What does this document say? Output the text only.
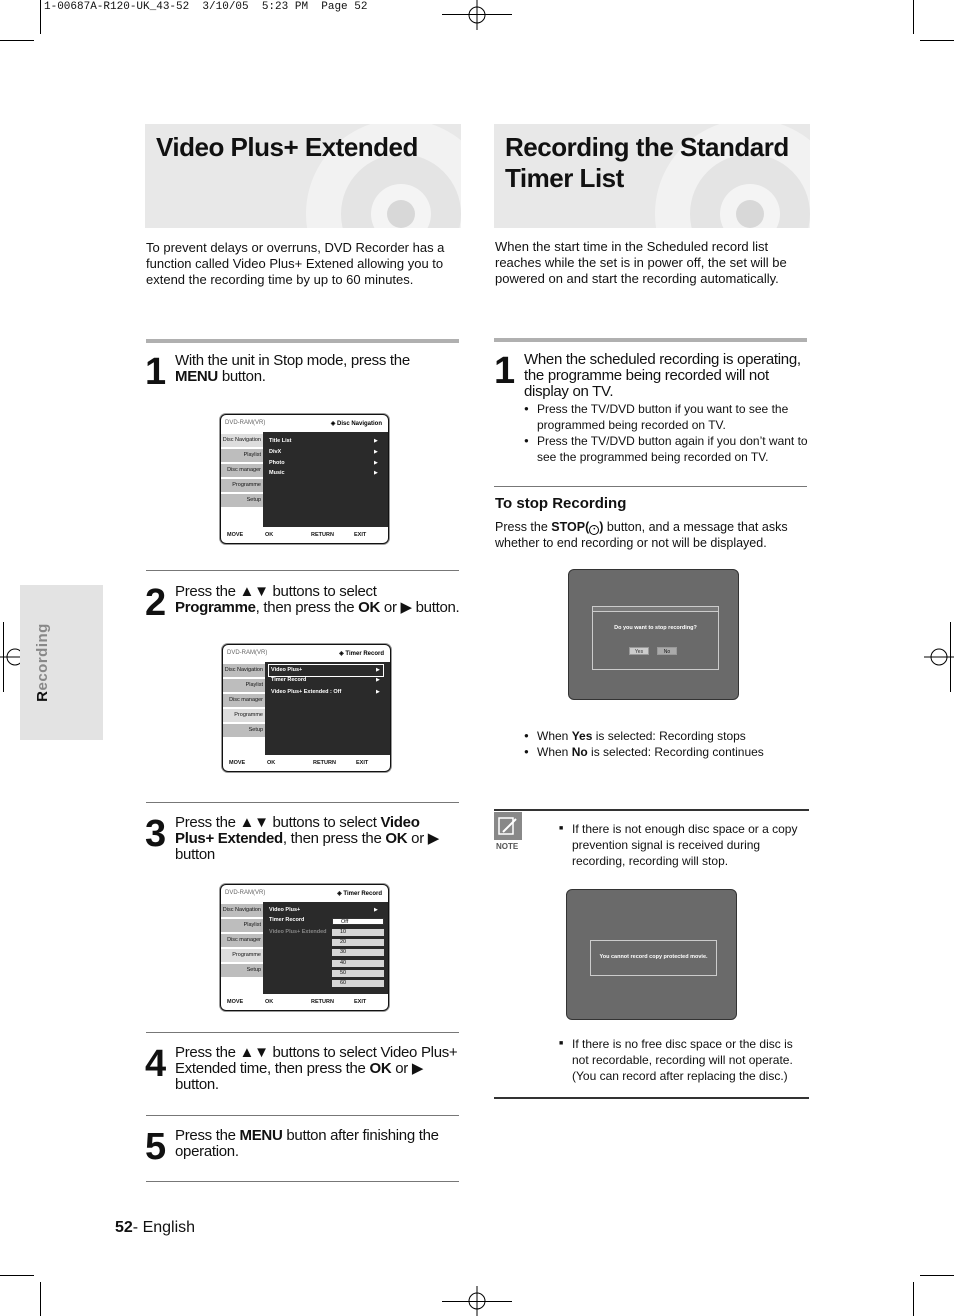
1-00687A-R120-UK_43-52  3/10/05  5:23 PM  Page 52
Recording
Video Plus+ Extended

To prevent delays or overruns, DVD Recorder has a function called Video Plus+ Extened allowing you to extend the recording time by up to 60 minutes.

1 With the unit in Stop mode, press the MENU button.
DVD-RAM(VR)	◈ Disc Navigation
Disc Navigation
Playlist
Disc manager
Programme
Setup
Title List
DivX
Photo
Music
▶
▶
▶
▶
MOVE	OK	RETURN	EXIT
2 Press the ▲▼ buttons to select Programme, then press the OK or ▶ button.
DVD-RAM(VR)	◈ Timer Record
Disc Navigation
Playlist
Disc manager
Programme
Setup
Video Plus+
Timer Record
Video Plus+ Extended : Off
▶
▶
▶
MOVE	OK	RETURN	EXIT
3 Press the ▲▼ buttons to select Video Plus+ Extended, then press the OK or ▶ button
DVD-RAM(VR)	◈ Timer Record
Disc Navigation
Playlist
Disc manager
Programme
Setup
Video Plus+
Timer Record
Video Plus+ Extended
▶
Off
10
20
30
40
50
60
MOVE	OK	RETURN	EXIT
4 Press the ▲▼ buttons to select Video Plus+ Extended time, then press the OK or ▶ button.
5 Press the MENU button after finishing the operation.
Recording the Standard
Timer List

When the start time in the Scheduled record list reaches while the set is in power off, the set will be powered on and start the recording automatically.

1 When the scheduled recording is operating, the programme being recorded will not display on TV.
● Press the TV/DVD button if you want to see the programmed being recorded on TV.
● Press the TV/DVD button again if you don’t want to see the programmed being recorded on TV.
To stop Recording

Press the STOP( • ) button, and a message that asks whether to end recording or not will be displayed.

Do you want to stop recording?
Yes	No
● When Yes is selected: Recording stops
● When No is selected: Recording continues
NOTE
■ If there is not enough disc space or a copy prevention signal is received during recording, recording will stop.
You cannot record copy protected movie.
■ If there is no free disc space or the disc is not recordable, recording will not operate. (You can record after replacing the disc.)
52- English
